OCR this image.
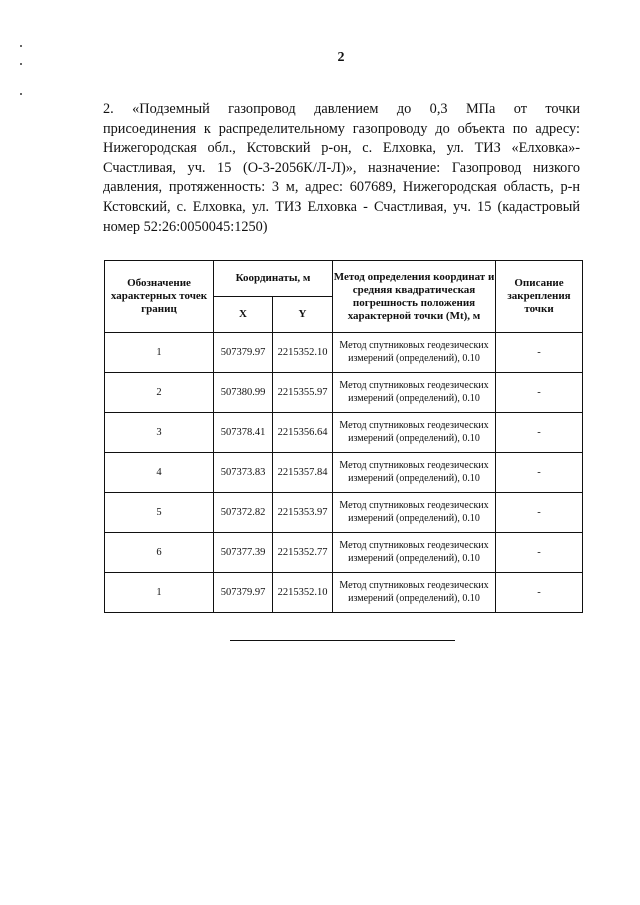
2
2. «Подземный газопровод давлением до 0,3 МПа от точки
присоединения к распределительному газопроводу до объекта по адресу:
Нижегородская обл., Кстовский р-он, с. Елховка, ул. ТИЗ «Елховка»-
Счастливая, уч. 15 (О-3-2056К/Л-Л)», назначение: Газопровод низкого
давления, протяженность: 3 м, адрес: 607689, Нижегородская область, р-н
Кстовский, с. Елховка, ул. ТИЗ Елховка - Счастливая, уч. 15 (кадастровый
номер 52:26:0050045:1250)
Обозначение характерных точек границ	Координаты, м		Метод определения координат и средняя квадратическая погрешность положения характерной точки (Mt), м	Описание закрепления точки
	X	Y		
1	507379.97	2215352.10	Метод спутниковых геодезических измерений (определений), 0.10	-
2	507380.99	2215355.97	Метод спутниковых геодезических измерений (определений), 0.10	-
3	507378.41	2215356.64	Метод спутниковых геодезических измерений (определений), 0.10	-
4	507373.83	2215357.84	Метод спутниковых геодезических измерений (определений), 0.10	-
5	507372.82	2215353.97	Метод спутниковых геодезических измерений (определений), 0.10	-
6	507377.39	2215352.77	Метод спутниковых геодезических измерений (определений), 0.10	-
1	507379.97	2215352.10	Метод спутниковых геодезических измерений (определений), 0.10	-
